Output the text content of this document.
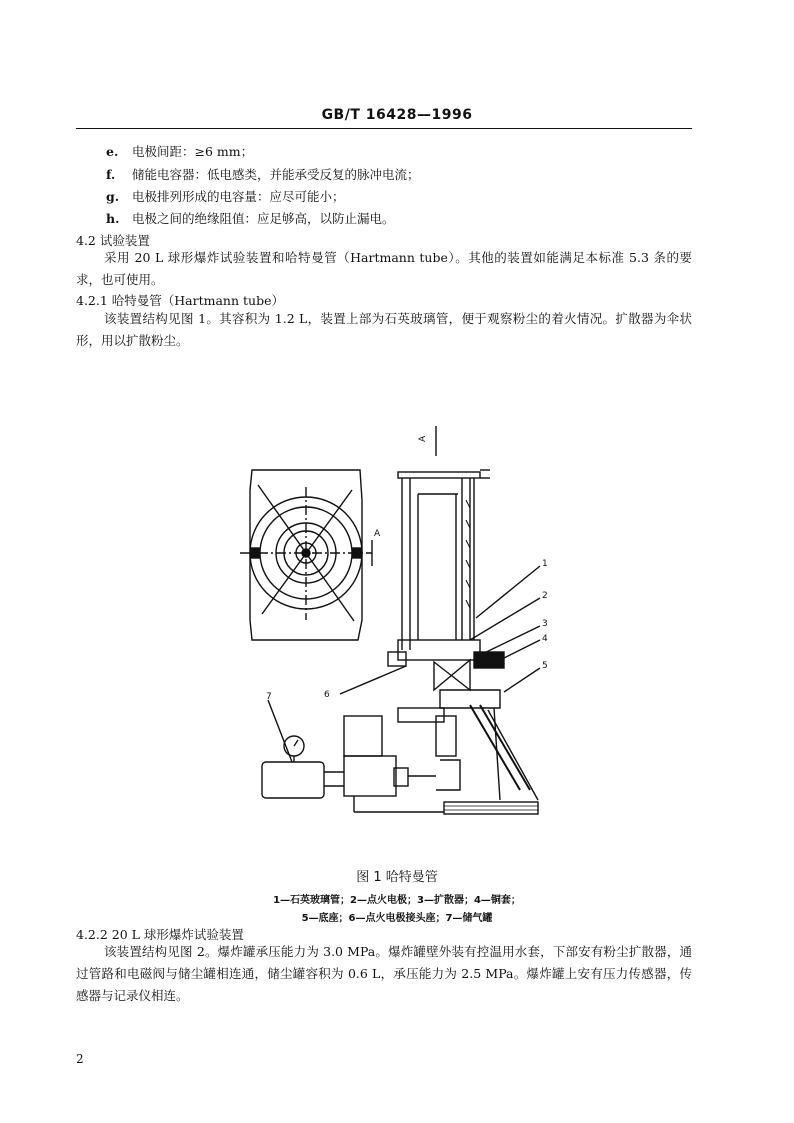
GB/T 16428—1996
e. 电极间距：≥6 mm；
f. 储能电容器：低电感类，并能承受反复的脉冲电流；
g. 电极排列形成的电容量：应尽可能小；
h. 电极之间的绝缘阻值：应足够高，以防止漏电。
4.2 试验装置
采用 20 L 球形爆炸试验装置和哈特曼管（Hartmann tube）。其他的装置如能满足本标准 5.3 条的要求，也可使用。
4.2.1 哈特曼管（Hartmann tube）
该装置结构见图 1。其容积为 1.2 L，装置上部为石英玻璃管，便于观察粉尘的着火情况。扩散器为伞状形，用以扩散粉尘。
1
2
3
4
5
6
7
A
A
图 1 哈特曼管
1—石英玻璃管；2—点火电极；3—扩散器；4—铜套；
5—底座；6—点火电极接头座；7—储气罐
4.2.2 20 L 球形爆炸试验装置
该装置结构见图 2。爆炸罐承压能力为 3.0 MPa。爆炸罐壁外装有控温用水套，下部安有粉尘扩散器，通过管路和电磁阀与储尘罐相连通，储尘罐容积为 0.6 L，承压能力为 2.5 MPa。爆炸罐上安有压力传感器，传感器与记录仪相连。
2
